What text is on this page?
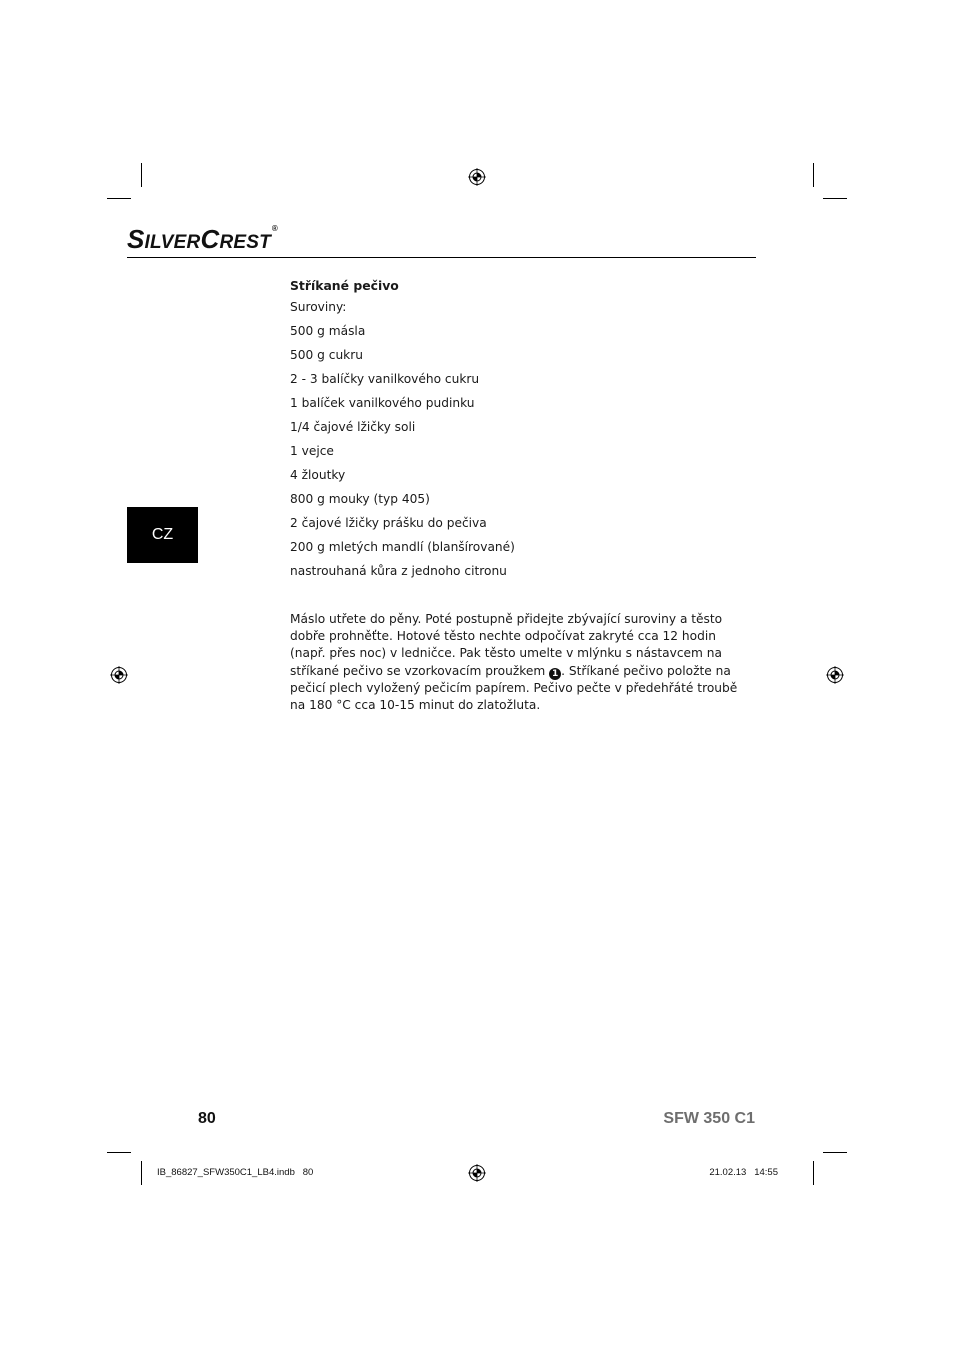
SILVERCREST®
CZ

Stříkané pečivo

Suroviny:

500 g másla

500 g cukru

2 - 3 balíčky vanilkového cukru

1 balíček vanilkového pudinku

1/4 čajové lžičky soli

1 vejce

4 žloutky

800 g mouky (typ 405)

2 čajové lžičky prášku do pečiva

200 g mletých mandlí (blanšírované)

nastrouhaná kůra z jednoho citronu

Máslo utřete do pěny. Poté postupně přidejte zbývající suroviny a těsto dobře prohněťte. Hotové těsto nechte odpočívat zakryté cca 12 hodin (např. přes noc) v ledničce. Pak těsto umelte v mlýnku s nástavcem na stříkané pečivo se vzorkovacím proužkem 1 . Stříkané pečivo položte na pečicí plech vyložený pečicím papírem. Pečivo pečte v předehřáté troubě na 180 °C cca 10-15 minut do zlatožluta.

80	SFW 350 C1
IB_86827_SFW350C1_LB4.indb   80	21.02.13   14:55
